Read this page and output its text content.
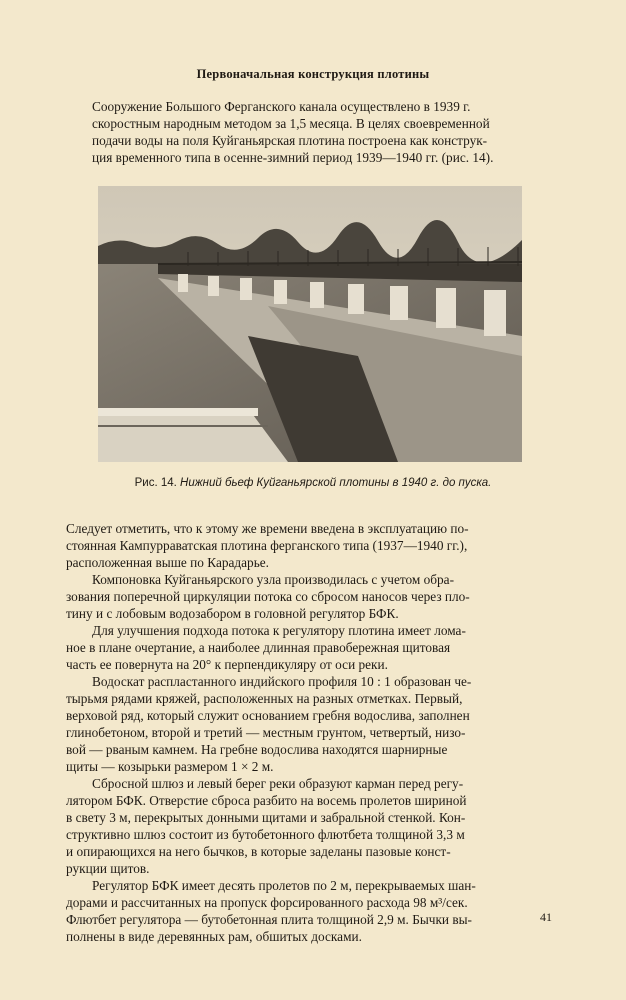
Первоначальная конструкция плотины
Сооружение Большого Ферганского канала осуществлено в 1939 г.
скоростным народным методом за 1,5 месяца. В целях своевременной
подачи воды на поля Куйганьярская плотина построена как конструк-
ция временного типа в осенне-зимний период 1939—1940 гг. (рис. 14).
Рис. 14. Нижний бьеф Куйганьярской плотины в 1940 г. до пуска.
Следует отметить, что к этому же времени введена в эксплуатацию по-
стоянная Кампурраватская плотина ферганского типа (1937—1940 гг.),
расположенная выше по Карадарье.
Компоновка Куйганьярского узла производилась с учетом обра-
зования поперечной циркуляции потока со сбросом наносов через пло-
тину и с лобовым водозабором в головной регулятор БФК.
Для улучшения подхода потока к регулятору плотина имеет лома-
ное в плане очертание, а наиболее длинная правобережная щитовая
часть ее повернута на 20° к перпендикуляру от оси реки.
Водоскат распластанного индийского профиля 10 : 1 образован че-
тырьмя рядами кряжей, расположенных на разных отметках. Первый,
верховой ряд, который служит основанием гребня водослива, заполнен
глинобетоном, второй и третий — местным грунтом, четвертый, низо-
вой — рваным камнем. На гребне водослива находятся шарнирные
щиты — козырьки размером 1 × 2 м.
Сбросной шлюз и левый берег реки образуют карман перед регу-
лятором БФК. Отверстие сброса разбито на восемь пролетов шириной
в свету 3 м, перекрытых донными щитами и забральной стенкой. Кон-
структивно шлюз состоит из бутобетонного флютбета толщиной 3,3 м
и опирающихся на него бычков, в которые заделаны пазовые конст-
рукции щитов.
Регулятор БФК имеет десять пролетов по 2 м, перекрываемых шан-
дорами и рассчитанных на пропуск форсированного расхода 98 м³/сек.
Флютбет регулятора — бутобетонная плита толщиной 2,9 м. Бычки вы-
полнены в виде деревянных рам, обшитых досками.
41
